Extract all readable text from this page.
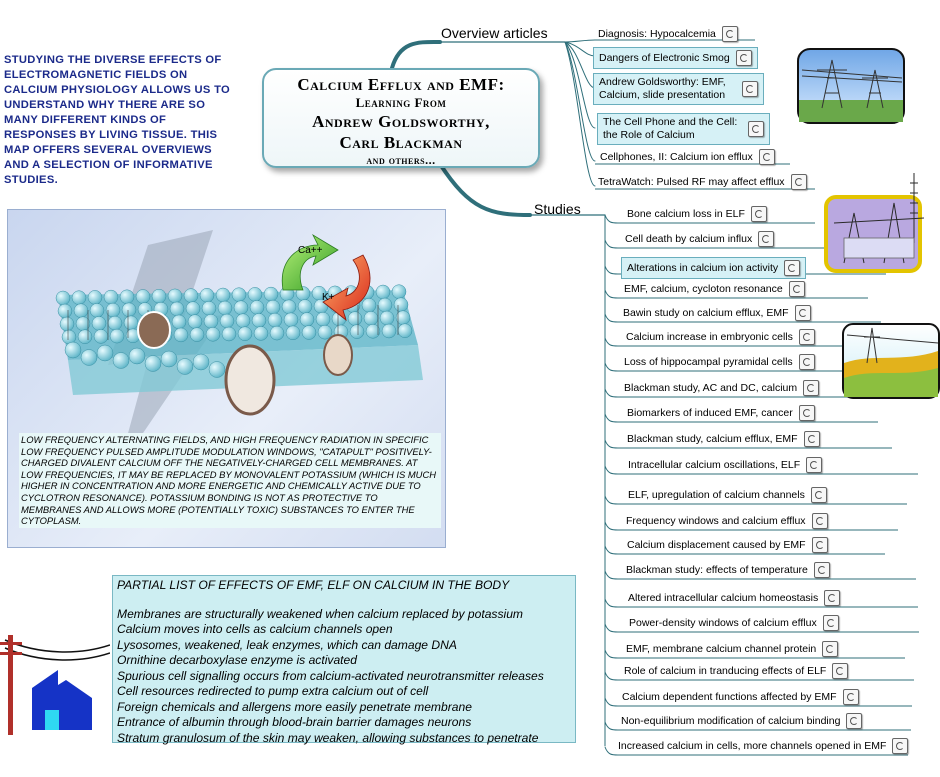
STUDYING THE DIVERSE EFFECTS OF ELECTROMAGNETIC FIELDS ON CALCIUM PHYSIOLOGY ALLOWS US TO UNDERSTAND WHY THERE ARE SO MANY DIFFERENT KINDS OF RESPONSES BY LIVING TISSUE. THIS MAP OFFERS SEVERAL OVERVIEWS AND A SELECTION OF INFORMATIVE STUDIES.
Calcium Efflux and EMF:
Learning From
Andrew Goldsworthy,
Carl Blackman
and others...
Overview articles
Studies
Diagnosis: Hypocalcemia
Dangers of Electronic Smog
Andrew Goldsworthy: EMF, Calcium, slide presentation
The Cell Phone and the Cell: the Role of Calcium
Cellphones, II: Calcium ion efflux
TetraWatch: Pulsed RF may affect efflux
Bone calcium loss in ELF
Cell death by calcium influx
Alterations in calcium ion activity
EMF, calcium, cycloton resonance
Bawin study on calcium efflux, EMF
Calcium increase in embryonic cells
Loss of hippocampal pyramidal cells
Blackman study, AC and DC, calcium
Biomarkers of induced EMF, cancer
Blackman study, calcium efflux, EMF
Intracellular calcium oscillations, ELF
ELF, upregulation of calcium channels
Frequency windows and calcium efflux
Calcium displacement caused by EMF
Blackman study: effects of temperature
Altered intracellular calcium homeostasis
Power-density windows of calcium efflux
EMF, membrane calcium channel protein
Role of calcium in tranducing effects of ELF
Calcium dependent functions affected by EMF
Non-equilibrium modification of calcium binding
Increased calcium in cells, more channels opened in EMF
Ca++
K+
LOW FREQUENCY ALTERNATING FIELDS, AND HIGH FREQUENCY RADIATION IN SPECIFIC LOW FREQUENCY PULSED AMPLITUDE MODULATION WINDOWS, "CATAPULT" POSITIVELY-CHARGED DIVALENT CALCIUM OFF THE NEGATIVELY-CHARGED CELL MEMBRANES. AT LOW FREQUENCIES, IT MAY BE REPLACED BY MONOVALENT POTASSIUM (WHICH IS MUCH HIGHER IN CONCENTRATION AND MORE ENERGETIC AND CHEMICALLY ACTIVE DUE TO CYCLOTRON RESONANCE). POTASSIUM BONDING IS NOT AS PROTECTIVE TO MEMBRANES AND ALLOWS MORE (POTENTIALLY TOXIC) SUBSTANCES TO ENTER THE CYTOPLASM.
PARTIAL LIST OF EFFECTS OF EMF, ELF ON CALCIUM IN THE BODY
Membranes are structurally weakened when calcium replaced by potassium
Calcium moves into cells as calcium channels open
Lysosomes, weakened, leak enzymes, which can damage DNA
Ornithine decarboxylase enzyme is activated
Spurious cell signalling occurs from calcium-activated neurotransmitter releases
Cell resources redirected to pump extra calcium out of cell
Foreign chemicals and allergens more easily penetrate membrane
Entrance of albumin through blood-brain barrier damages neurons
Stratum granulosum of the skin may weaken, allowing substances to penetrate
